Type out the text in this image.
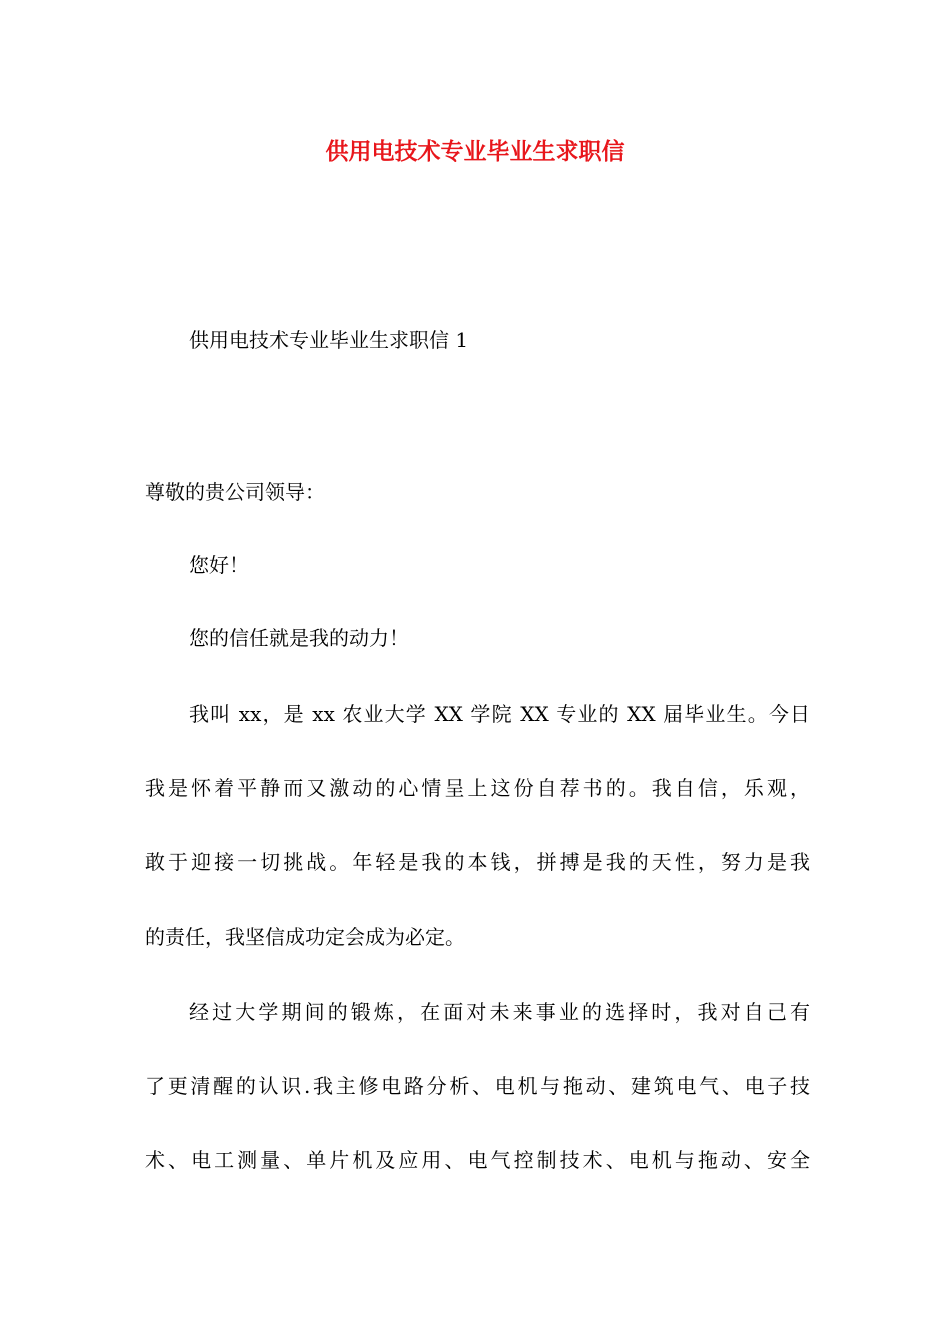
供用电技术专业毕业生求职信

供用电技术专业毕业生求职信 1

尊敬的贵公司领导：

您好！

您的信任就是我的动力！

我叫 xx，是 xx 农业大学 XX 学院 XX 专业的 XX 届毕业生。今日

我是怀着平静而又激动的心情呈上这份自荐书的。我自信，乐观，

敢于迎接一切挑战。年轻是我的本钱，拼搏是我的天性，努力是我

的责任，我坚信成功定会成为必定。

经过大学期间的锻炼，在面对未来事业的选择时，我对自己有

了更清醒的认识.我主修电路分析、电机与拖动、建筑电气、电子技

术、电工测量、单片机及应用、电气控制技术、电机与拖动、安全
